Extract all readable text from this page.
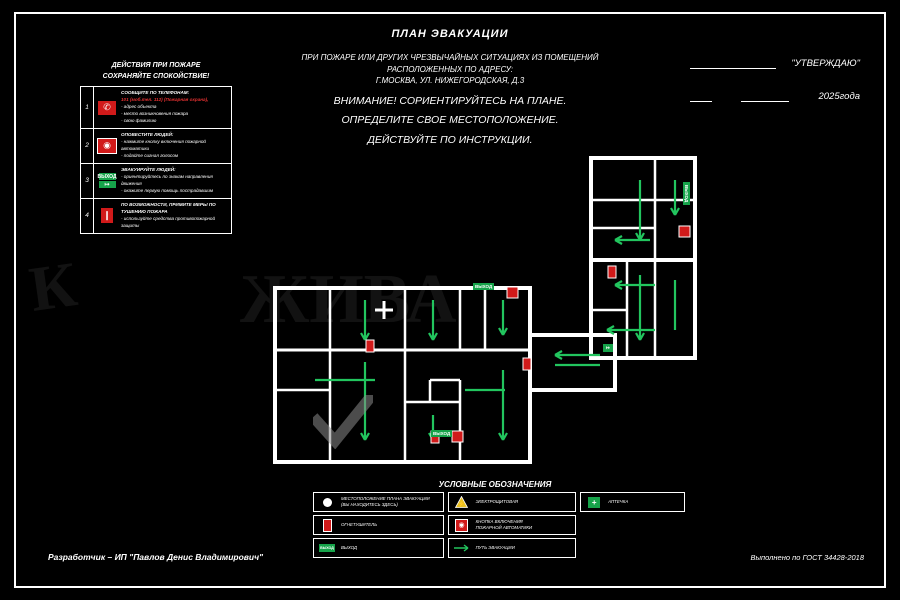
К ЖИВА
ПЛАН ЭВАКУАЦИИ
ПРИ ПОЖАРЕ ИЛИ ДРУГИХ ЧРЕЗВЫЧАЙНЫХ СИТУАЦИЯХ ИЗ ПОМЕЩЕНИЙ
РАСПОЛОЖЕННЫХ ПО АДРЕСУ:
Г.МОСКВА, УЛ. НИЖЕГОРОДСКАЯ, Д.3
ВНИМАНИЕ! СОРИЕНТИРУЙТЕСЬ НА ПЛАНЕ.
ОПРЕДЕЛИТЕ СВОЕ МЕСТОПОЛОЖЕНИЕ.
ДЕЙСТВУЙТЕ ПО ИНСТРУКЦИИ.
"УТВЕРЖДАЮ"
2025года
ДЕЙСТВИЯ ПРИ ПОЖАРЕ
СОХРАНЯЙТЕ СПОКОЙСТВИЕ!
1	✆
СООБЩИТЕ ПО ТЕЛЕФОНАМ:
101 (моб.тел. 112) (Пожарная охрана),
- адрес объекта
- место возникновения пожара
- свою фамилию
2	◉
ОПОВЕСТИТЕ ЛЮДЕЙ:
- нажмите кнопку включения пожарной
автоматики
- подайте сигнал голосом
3
ВЫХОД
↦
ЭВАКУИРУЙТЕ ЛЮДЕЙ:
- ориентируйтесь по знакам направления
движения
- окажите первую помощь пострадавшим
4	❙
ПО ВОЗМОЖНОСТИ, ПРИМИТЕ МЕРЫ ПО
ТУШЕНИЮ ПОЖАРА
- используйте средства противопожарной
защиты
ВЫХОД
ВЫХОД
↦
ВЫХОД
УСЛОВНЫЕ ОБОЗНАЧЕНИЯ
МЕСТОПОЛОЖЕНИЕ ПЛАНА ЭВАКУАЦИИ
(ВЫ НАХОДИТЕСЬ ЗДЕСЬ)
ОГНЕТУШИТЕЛЬ
ВЫХОД ВЫХОД
⚡
ЭЛЕКТРОЩИТОВАЯ
◉
КНОПКА ВКЛЮЧЕНИЯ
ПОЖАРНОЙ АВТОМАТИКИ
ПУТЬ ЭВАКУАЦИИ
+	АПТЕЧКА
Разработчик – ИП "Павлов Денис Владимирович"	Выполнено по ГОСТ 34428-2018
